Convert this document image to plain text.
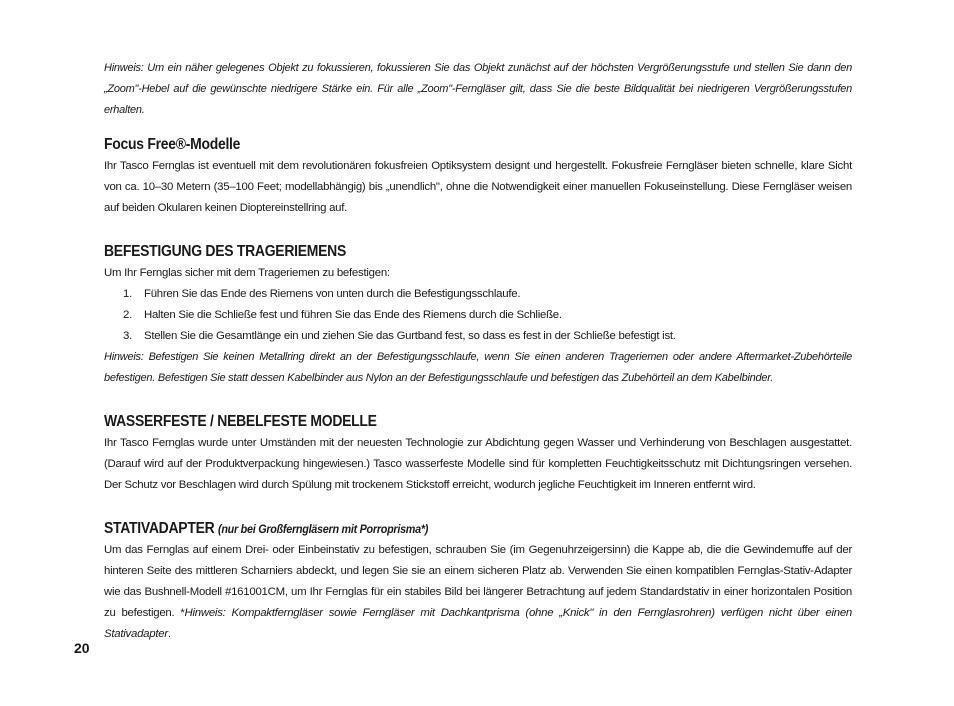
Hinweis: Um ein näher gelegenes Objekt zu fokussieren, fokussieren Sie das Objekt zunächst auf der höchsten Vergrößerungsstufe und stellen Sie dann den „Zoom"-Hebel auf die gewünschte niedrigere Stärke ein. Für alle „Zoom"-Ferngläser gilt, dass Sie die beste Bildqualität bei niedrigeren Vergrößerungsstufen erhalten.
Focus Free®-Modelle
Ihr Tasco Fernglas ist eventuell mit dem revolutionären fokusfreien Optiksystem designt und hergestellt. Fokusfreie Ferngläser bieten schnelle, klare Sicht von ca. 10–30 Metern (35–100 Feet; modellabhängig) bis „unendlich", ohne die Notwendigkeit einer manuellen Fokuseinstellung. Diese Ferngläser weisen auf beiden Okularen keinen Dioptereinstellring auf.
BEFESTIGUNG DES TRAGERIEMENS
Um Ihr Fernglas sicher mit dem Trageriemen zu befestigen:
1.	Führen Sie das Ende des Riemens von unten durch die Befestigungsschlaufe.
2.	Halten Sie die Schließe fest und führen Sie das Ende des Riemens durch die Schließe.
3.	Stellen Sie die Gesamtlänge ein und ziehen Sie das Gurtband fest, so dass es fest in der Schließe befestigt ist.
Hinweis: Befestigen Sie keinen Metallring direkt an der Befestigungsschlaufe, wenn Sie einen anderen Trageriemen oder andere Aftermarket-Zubehörteile befestigen. Befestigen Sie statt dessen Kabelbinder aus Nylon an der Befestigungsschlaufe und befestigen das Zubehörteil an dem Kabelbinder.
WASSERFESTE / NEBELFESTE MODELLE
Ihr Tasco Fernglas wurde unter Umständen mit der neuesten Technologie zur Abdichtung gegen Wasser und Verhinderung von Beschlagen ausgestattet. (Darauf wird auf der Produktverpackung hingewiesen.) Tasco wasserfeste Modelle sind für kompletten Feuchtigkeitsschutz mit Dichtungsringen versehen. Der Schutz vor Beschlagen wird durch Spülung mit trockenem Stickstoff erreicht, wodurch jegliche Feuchtigkeit im Inneren entfernt wird.
STATIVADAPTER (nur bei Großferngläsern mit Porroprisma*)
Um das Fernglas auf einem Drei- oder Einbeinstativ zu befestigen, schrauben Sie (im Gegenuhrzeigersinn) die Kappe ab, die die Gewindemuffe auf der hinteren Seite des mittleren Scharniers abdeckt, und legen Sie sie an einem sicheren Platz ab. Verwenden Sie einen kompatiblen Fernglas-Stativ-Adapter wie das Bushnell-Modell #161001CM, um Ihr Fernglas für ein stabiles Bild bei längerer Betrachtung auf jedem Standardstativ in einer horizontalen Position zu befestigen. *Hinweis: Kompaktferngläser sowie Ferngläser mit Dachkantprisma (ohne „Knick" in den Fernglasrohren) verfügen nicht über einen Stativadapter.
20
